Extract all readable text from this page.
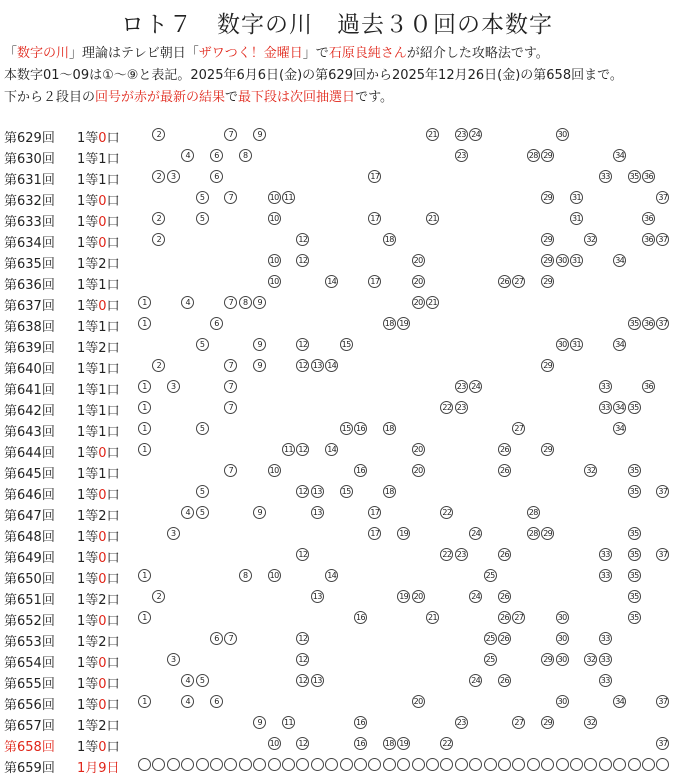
ロト７　数字の川　過去３０回の本数字
「数字の川」理論はテレビ朝日「ザワつく！金曜日」で石原良純さんが紹介した攻略法です。
本数字01〜09は①〜⑨と表記。2025年6月6日(金)の第629回から2025年12月26日(金)の第658回まで。
下から２段目の回号が赤が最新の結果で最下段は次回抽選日です。
第629回 1等0口	2	7	9	21 23 24	30
第630回 1等1口	4	6	8	23	28 29	34
第631回 1等1口	2	3	6	17	33 35 36
第632回 1等0口	5	7	10 11	29 31	37
第633回 1等0口	2	5	10	17	21	31	36
第634回 1等0口	2	12	18	29	32	36 37
第635回 1等2口	10 12	20	29 30 31	34
第636回 1等1口	10	14	17	20	26 27 29
第637回 1等0口	1	4	7	8	9	20 21
第638回 1等1口	1	6	18 19	35 36 37
第639回 1等2口	5	9	12	15	30 31	34
第640回 1等1口	2	7	9	12 13 14	29
第641回 1等1口	1	3	7	23 24	33	36
第642回 1等1口	1	7	22 23	33 34 35
第643回 1等1口	1	5	15 16 18	27	34
第644回 1等0口	1	11 12 14	20	26	29
第645回 1等1口	7	10	16	20	26	32	35
第646回 1等0口	5	12 13 15	18	35 37
第647回 1等2口	4	5	9	13	17	22	28
第648回 1等0口	3	17 19	24	28 29	35
第649回 1等0口	12	22 23	26	33 35 37
第650回 1等0口	1	8	10	14	25	33 35
第651回 1等2口	2	13	19 20	24 26	35
第652回 1等0口	1	16	21	26 27	30	35
第653回 1等2口	6	7	12	25 26	30	33
第654回 1等0口	3	12	25	29 30 32 33
第655回 1等0口	4	5	12 13	24 26	33
第656回 1等0口	1	4	6	20	30	34	37
第657回 1等2口	9	11	16	23	27 29	32
第658回 1等0口	10 12	16 18 19	22	37
第659回 1月9日
